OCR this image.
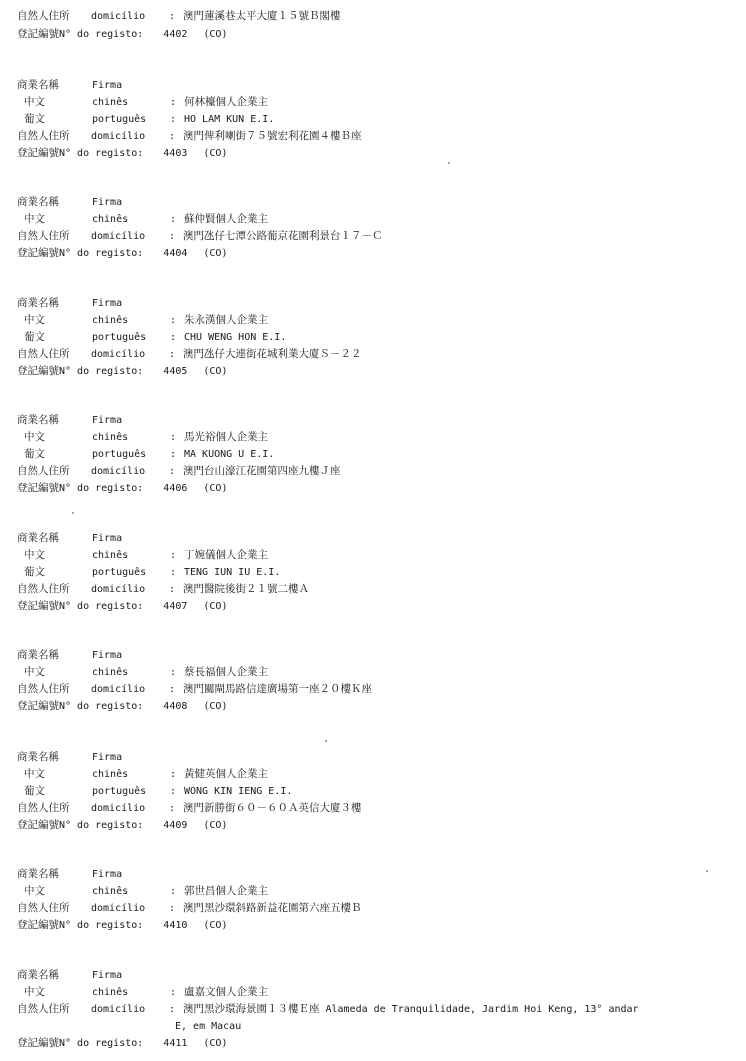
自然人住所 domicílio : 澳門蓮溪巷太平大廈１５號Ｂ閣樓
登記編號N° do registo: 4402 (CO)
商業名稱	Firma
中文	chinês	: 何林檯個人企業主
葡文	português : HO LAM KUN E.I.
自然人住所 domicílio : 澳門俾利喇街７５號宏利花園４樓Ｂ座
登記編號N° do registo: 4403 (CO)
商業名稱	Firma
中文	chinês	: 蘇仲賢個人企業主
自然人住所 domicílio : 澳門氹仔七潭公路葡京花園利景台１７－Ｃ
登記編號N° do registo: 4404 (CO)
商業名稱	Firma
中文	chinês	: 朱永漢個人企業主
葡文	português : CHU WENG HON E.I.
自然人住所 domicílio : 澳門氹仔大連街花城利業大廈Ｓ－２２
登記編號N° do registo: 4405 (CO)
商業名稱	Firma
中文	chinês	: 馬光裕個人企業主
葡文	português : MA KUONG U E.I.
自然人住所 domicílio : 澳門台山濠江花園第四座九樓Ｊ座
登記編號N° do registo: 4406 (CO)
商業名稱	Firma
中文	chinês	: 丁婉儀個人企業主
葡文	português : TENG IUN IU E.I.
自然人住所 domicílio : 澳門醫院後街２１號二樓Ａ
登記編號N° do registo: 4407 (CO)
商業名稱	Firma
中文	chinês	: 蔡長福個人企業主
自然人住所 domicílio : 澳門關閘馬路信達廣場第一座２０樓Ｋ座
登記編號N° do registo: 4408 (CO)
商業名稱	Firma
中文	chinês	: 黃健英個人企業主
葡文	português : WONG KIN IENG E.I.
自然人住所 domicílio : 澳門新勝街６０－６０Ａ英信大廈３樓
登記編號N° do registo: 4409 (CO)
商業名稱	Firma
中文	chinês	: 郭世昌個人企業主
自然人住所 domicílio : 澳門黑沙環斜路新益花園第六座五樓Ｂ
登記編號N° do registo: 4410 (CO)
商業名稱	Firma
中文	chinês	: 盧嘉文個人企業主
自然人住所 domicílio : 澳門黑沙環海景園１３樓Ｅ座 Alameda de Tranquilidade, Jardim Hoi Keng, 13° andar
E, em Macau
登記編號N° do registo: 4411 (CO)
